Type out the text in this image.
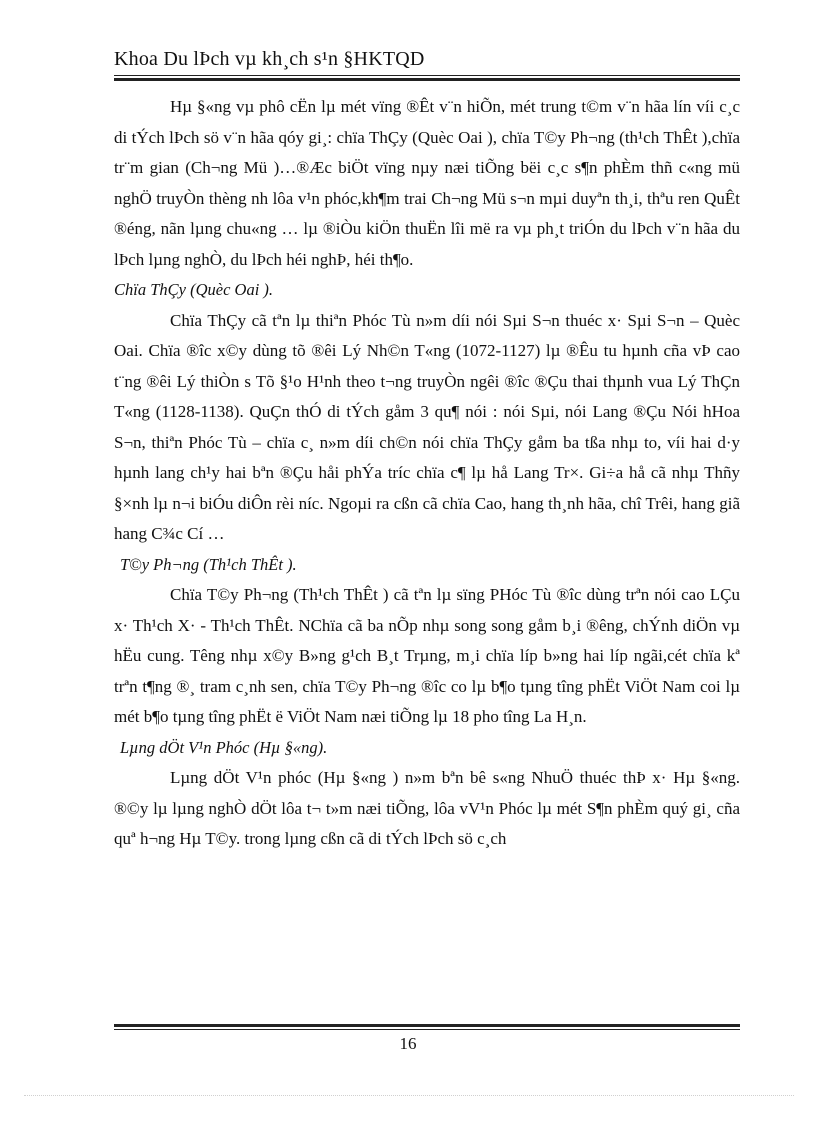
Khoa Du lÞch vµ kh¸ch s¹n §HKTQD

Hµ §«ng vµ phô cËn lµ mét vïng ®Êt v¨n hiÕn, mét trung t©m v¨n hãa lín víi c¸c di tÝch lÞch sö v¨n hãa qóy gi¸: chïa ThÇy (Quèc Oai ), chïa T©y Ph¬ng (th¹ch ThÊt ),chïa tr¨m gian (Ch¬ng Mü )…®Æc biÖt vïng nµy næi tiÕng bëi c¸c s¶n phÈm thñ c«ng mü nghÖ truyÒn thèng nh lôa v¹n phóc,kh¶m trai Ch¬ng Mü s¬n mµi duyªn th¸i, thªu ren QuÊt ®éng, nãn lµng chu«ng … lµ ®iÒu kiÖn thuËn lîi më ra vµ ph¸t triÓn du lÞch v¨n hãa du lÞch lµng nghÒ, du lÞch héi nghÞ, héi th¶o.

Chïa ThÇy (Quèc Oai ).

Chïa ThÇy cã tªn lµ thiªn Phóc Tù n»m díi nói Sµi S¬n thuéc x· Sµi S¬n – Quèc Oai. Chïa ®îc x©y dùng tõ ®êi Lý Nh©n T«ng (1072-1127) lµ ®Êu tu hµnh cña vÞ cao t¨ng ®êi Lý thiÒn s Tõ §¹o H¹nh theo t¬ng truyÒn ngêi ®îc ®Çu thai thµnh vua Lý ThÇn T«ng (1128-1138). QuÇn thÓ di tÝch gåm 3 qu¶ nói : nói Sµi, nói Lang ®Çu Nói hHoa S¬n, thiªn Phóc Tù – chïa c¸ n»m díi ch©n nói chïa ThÇy gåm ba tßa nhµ to, víi hai d·y hµnh lang ch¹y hai bªn ®Çu håi phÝa tríc chïa c¶ lµ hå Lang Tr×. Gi÷a hå cã nhµ Thñy §×nh lµ n¬i biÓu diÔn rèi níc. Ngoµi ra cßn cã chïa Cao, hang th¸nh hãa, chî Trêi, hang giã hang C¾c Cí …

T©y Ph¬ng (Th¹ch ThÊt ).

Chïa T©y Ph¬ng (Th¹ch ThÊt ) cã tªn lµ sïng PHóc Tù ®îc dùng trªn nói cao LÇu x· Th¹ch X· - Th¹ch ThÊt. NChïa cã ba nÕp nhµ song song gåm b¸i ®êng, chÝnh diÖn vµ hËu cung. Têng nhµ x©y B»ng g¹ch B¸t Trµng, m¸i chïa líp b»ng hai líp ngãi,cét chïa kª trªn t¶ng ®¸ tram c¸nh sen, chïa T©y Ph¬ng ®îc co lµ b¶o tµng tîng phËt ViÖt Nam coi lµ mét b¶o tµng tîng phËt ë ViÖt Nam næi tiÕng lµ 18 pho tîng La H¸n.

Lµng dÖt V¹n Phóc (Hµ §«ng).

Lµng dÖt V¹n phóc (Hµ §«ng ) n»m bªn bê s«ng NhuÖ thuéc thÞ x· Hµ §«ng. ®©y lµ lµng nghÒ dÖt lôa t¬ t»m næi tiÕng, lôa vV¹n Phóc lµ mét S¶n phÈm quý gi¸ cña quª h¬ng Hµ T©y. trong lµng cßn cã di tÝch lÞch sö c¸ch

16
